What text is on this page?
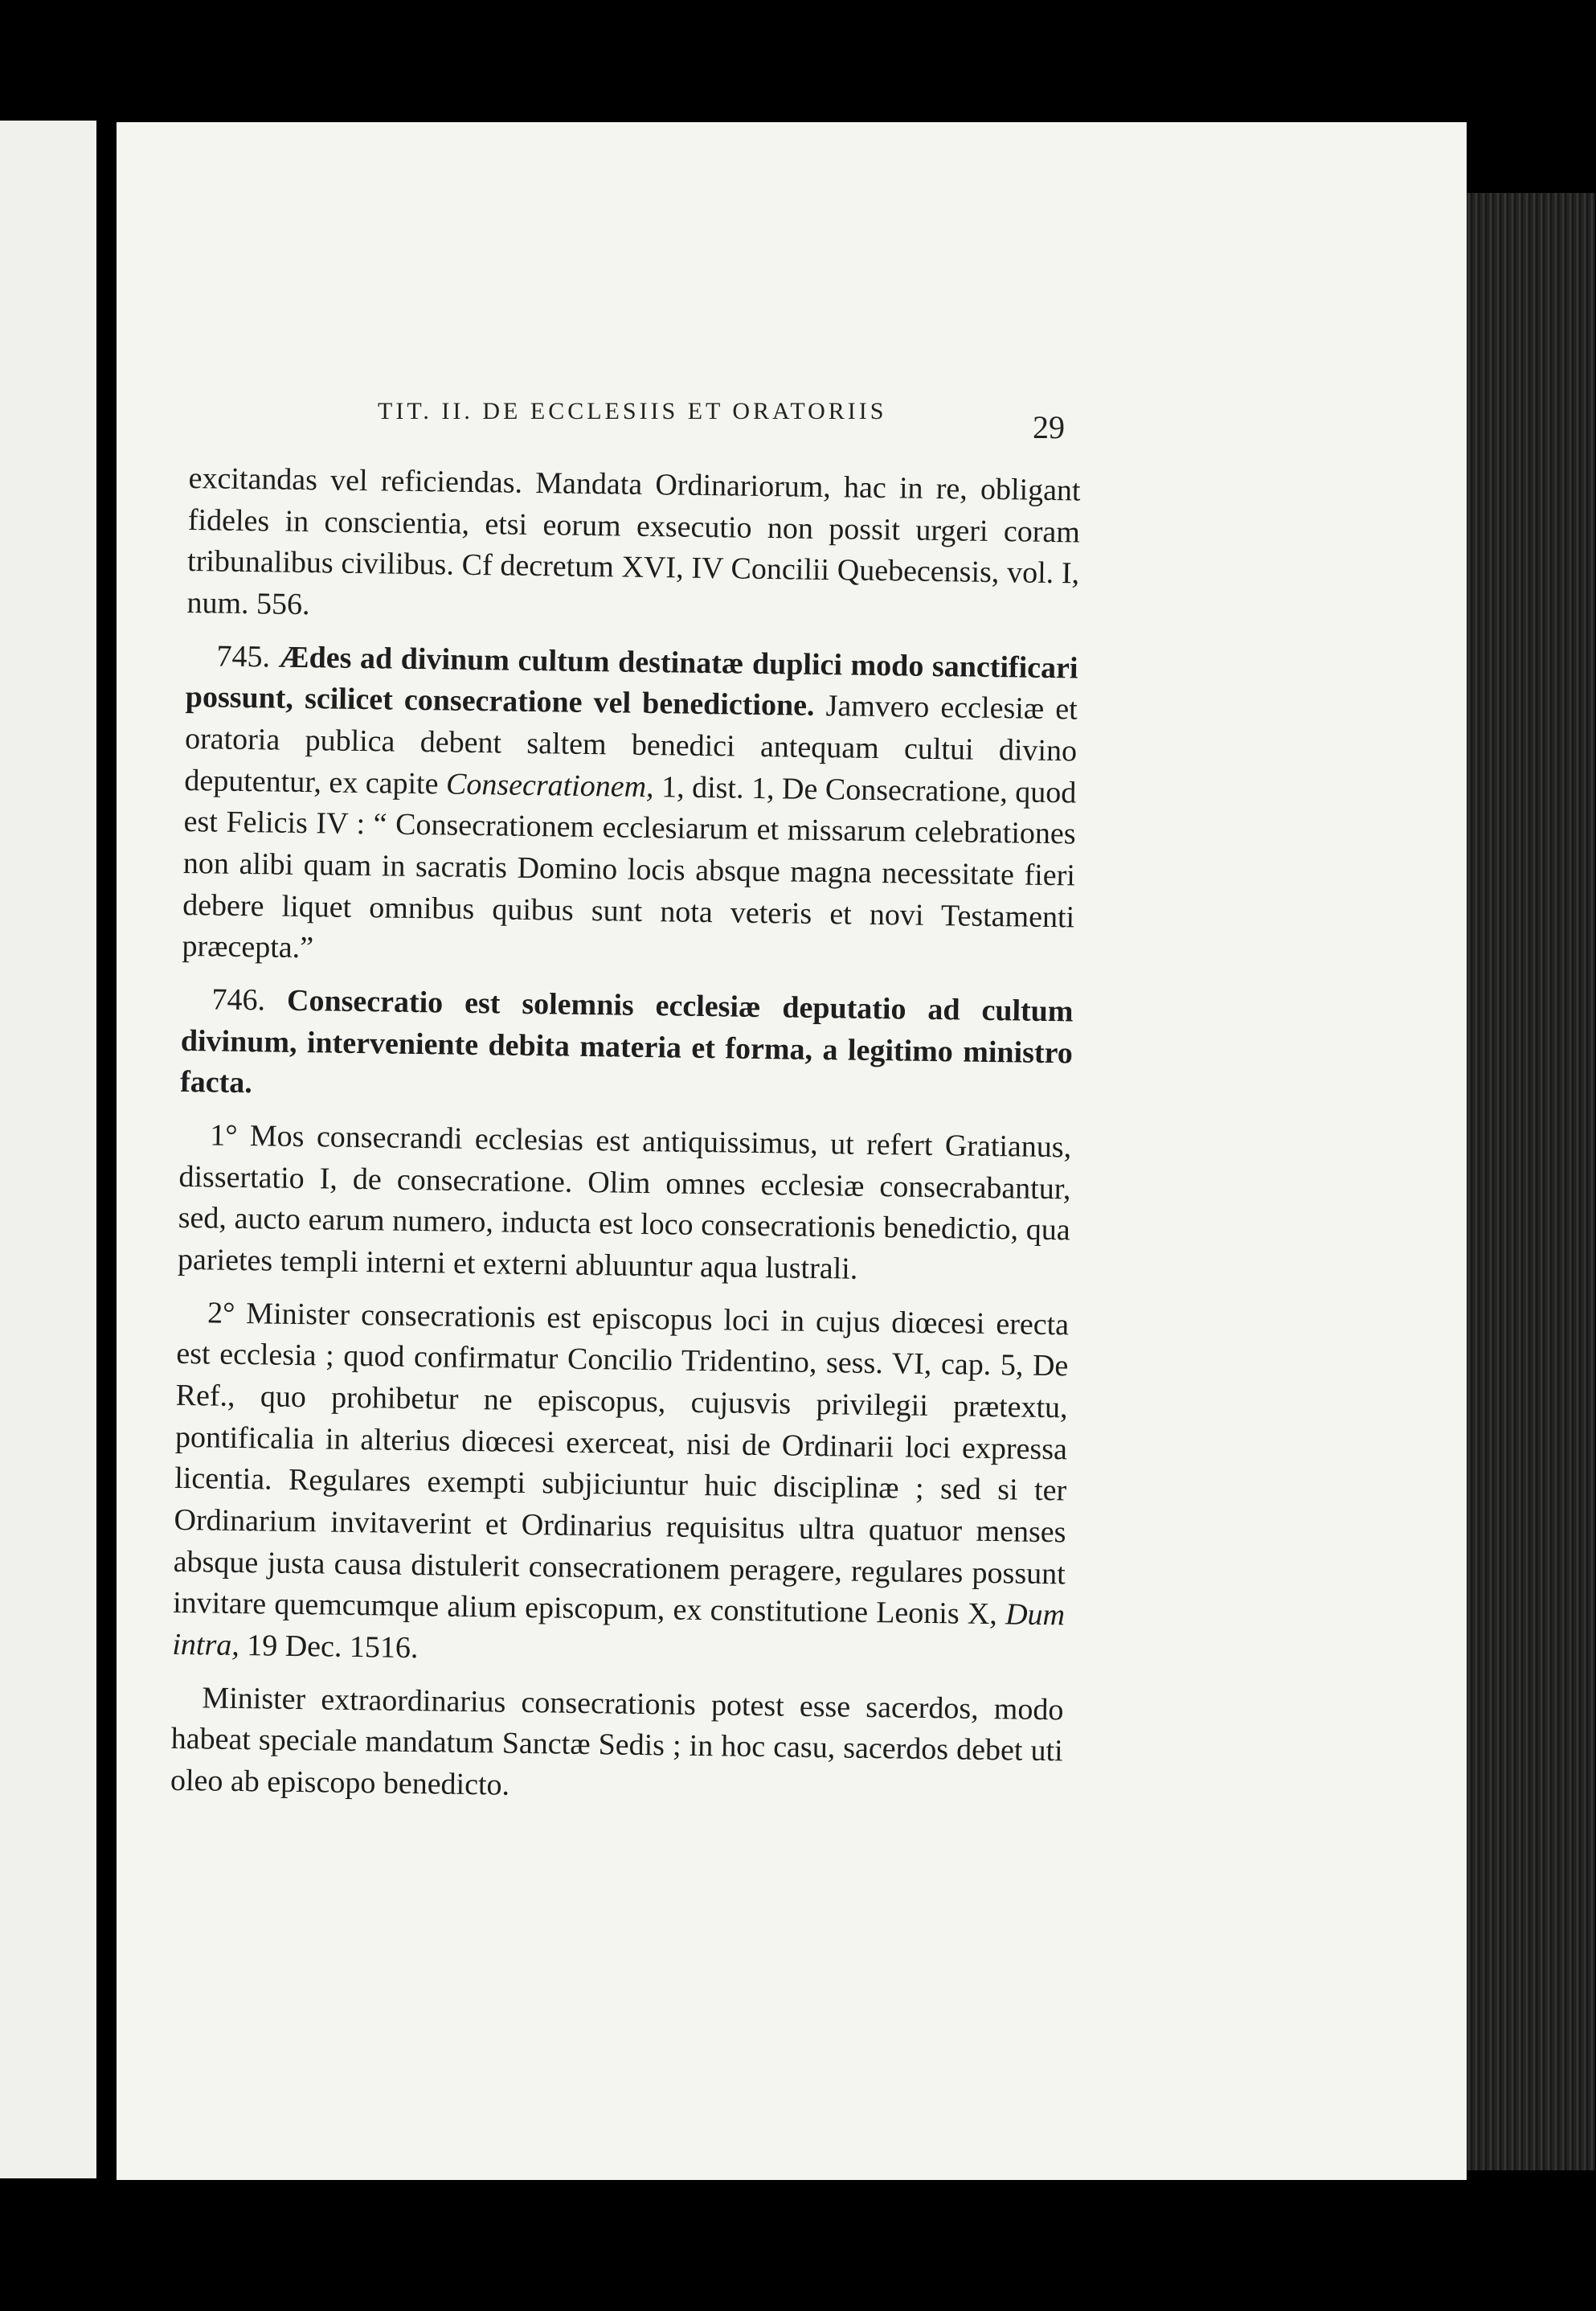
TIT. II. DE ECCLESIIS ET ORATORIIS	29

excitandas vel reficiendas. Mandata Ordinariorum, hac in re, obligant fideles in conscientia, etsi eorum exsecutio non possit urgeri coram tribunalibus civilibus. Cf decretum XVI, IV Concilii Quebecensis, vol. I, num. 556.

745. Ædes ad divinum cultum destinatæ duplici modo sanctificari possunt, scilicet consecratione vel benedictione. Jamvero ecclesiæ et oratoria publica debent saltem benedici antequam cultui divino deputentur, ex capite Consecrationem, 1, dist. 1, De Consecratione, quod est Felicis IV : “ Consecrationem ecclesiarum et missarum celebrationes non alibi quam in sacratis Domino locis absque magna necessitate fieri debere liquet omnibus quibus sunt nota veteris et novi Testamenti præcepta.”

746. Consecratio est solemnis ecclesiæ deputatio ad cultum divinum, interveniente debita materia et forma, a legitimo ministro facta.

1° Mos consecrandi ecclesias est antiquissimus, ut refert Gratianus, dissertatio I, de consecratione. Olim omnes ecclesiæ consecrabantur, sed, aucto earum numero, inducta est loco consecrationis benedictio, qua parietes templi interni et externi abluuntur aqua lustrali.

2° Minister consecrationis est episcopus loci in cujus diœcesi erecta est ecclesia ; quod confirmatur Concilio Tridentino, sess. VI, cap. 5, De Ref., quo prohibetur ne episcopus, cujusvis privilegii prætextu, pontificalia in alterius diœcesi exerceat, nisi de Ordinarii loci expressa licentia. Regulares exempti subjiciuntur huic disciplinæ ; sed si ter Ordinarium invitaverint et Ordinarius requisitus ultra quatuor menses absque justa causa distulerit consecrationem peragere, regulares possunt invitare quemcumque alium episcopum, ex constitutione Leonis X, Dum intra, 19 Dec. 1516.

Minister extraordinarius consecrationis potest esse sacerdos, modo habeat speciale mandatum Sanctæ Sedis ; in hoc casu, sacerdos debet uti oleo ab episcopo benedicto.
